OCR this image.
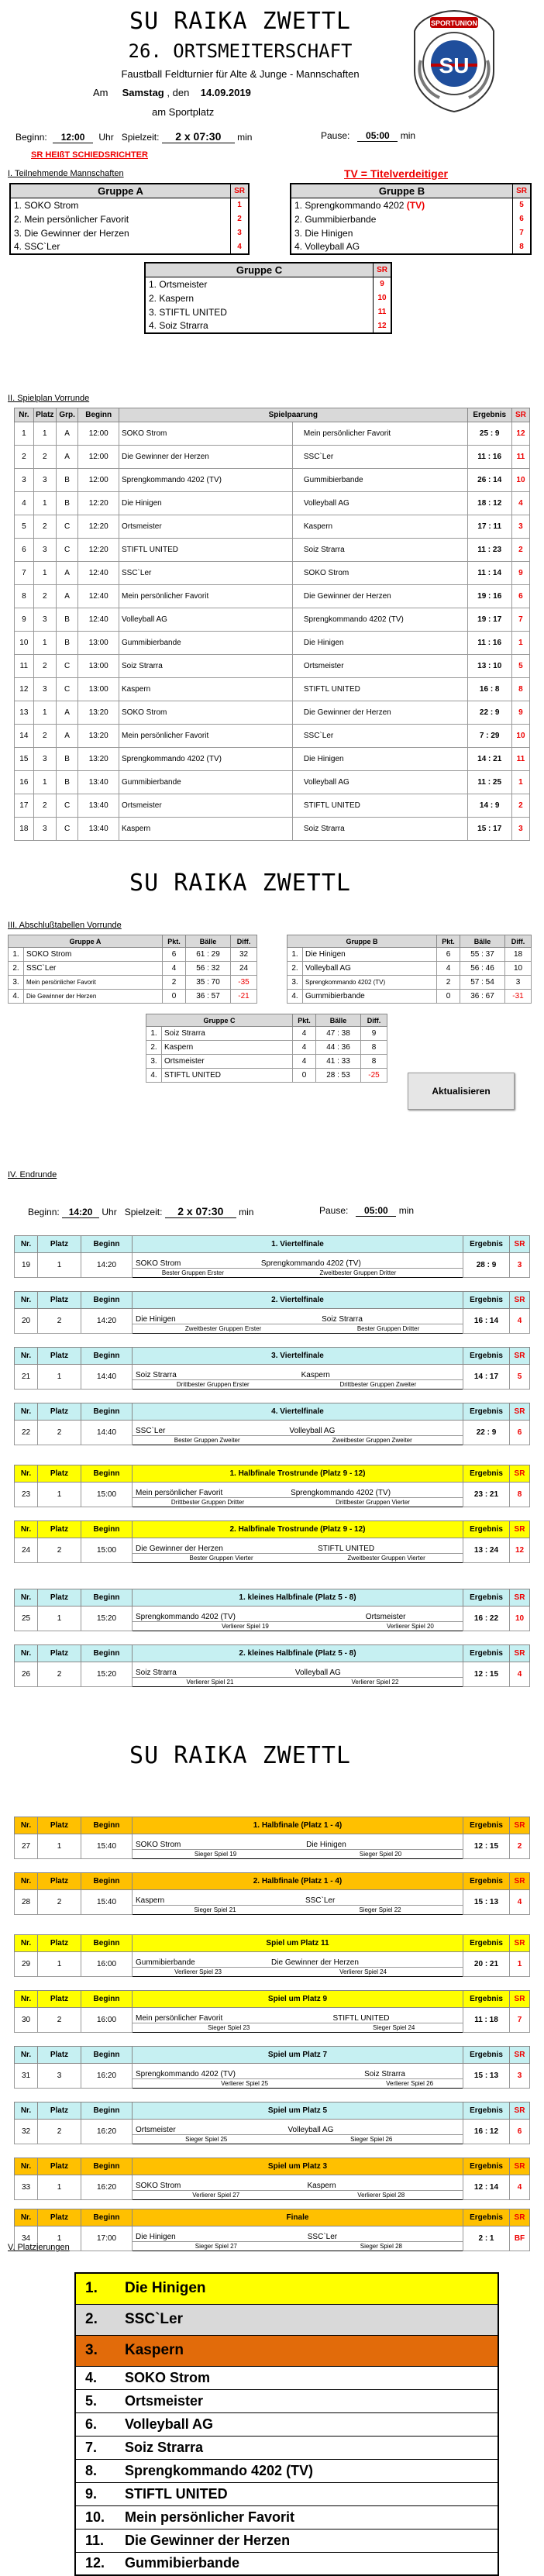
SU RAIKA ZWETTL
26. ORTSMEITERSCHAFT
Faustball Feldturnier für Alte & Junge - Mannschaften
Am Samstag , den 14.09.2019
am Sportplatz
SPORTUNION
SU
Beginn: 12:00 Uhr Spielzeit: 2 x 07:30 min	Pause: 05:00 min
SR HEIßT SCHIEDSRICHTER
I. Teilnehmende Mannschaften	TV = Titelverdeitiger
Gruppe A	SR
1. SOKO Strom	1
2. Mein persönlicher Favorit	2
3. Die Gewinner der Herzen	3
4. SSC`Ler	4
Gruppe B	SR
1. Sprengkommando 4202 (TV)	5
2. Gummibierbande	6
3. Die Hinigen	7
4. Volleyball AG	8
Gruppe C	SR
1. Ortsmeister	9
2. Kaspern	10
3. STIFTL UNITED	11
4. Soiz Strarra	12
II. Spielplan Vorrunde
Nr.	Platz	Grp.	Beginn	Spielpaarung		Ergebnis	SR
1	1	A	12:00	SOKO Strom	Mein persönlicher Favorit	25 : 9	12
2	2	A	12:00	Die Gewinner der Herzen	SSC`Ler	11 : 16	11
3	3	B	12:00	Sprengkommando 4202 (TV)	Gummibierbande	26 : 14	10
4	1	B	12:20	Die Hinigen	Volleyball AG	18 : 12	4
5	2	C	12:20	Ortsmeister	Kaspern	17 : 11	3
6	3	C	12:20	STIFTL UNITED	Soiz Strarra	11 : 23	2
7	1	A	12:40	SSC`Ler	SOKO Strom	11 : 14	9
8	2	A	12:40	Mein persönlicher Favorit	Die Gewinner der Herzen	19 : 16	6
9	3	B	12:40	Volleyball AG	Sprengkommando 4202 (TV)	19 : 17	7
10	1	B	13:00	Gummibierbande	Die Hinigen	11 : 16	1
11	2	C	13:00	Soiz Strarra	Ortsmeister	13 : 10	5
12	3	C	13:00	Kaspern	STIFTL UNITED	16 : 8	8
13	1	A	13:20	SOKO Strom	Die Gewinner der Herzen	22 : 9	9
14	2	A	13:20	Mein persönlicher Favorit	SSC`Ler	7 : 29	10
15	3	B	13:20	Sprengkommando 4202 (TV)	Die Hinigen	14 : 21	11
16	1	B	13:40	Gummibierbande	Volleyball AG	11 : 25	1
17	2	C	13:40	Ortsmeister	STIFTL UNITED	14 : 9	2
18	3	C	13:40	Kaspern	Soiz Strarra	15 : 17	3
SU RAIKA ZWETTL
III. Abschlußtabellen Vorrunde
Gruppe A		Pkt.	Bälle	Diff.
1.	SOKO Strom	6	61 : 29	32
2.	SSC`Ler	4	56 : 32	24
3.	Mein persönlicher Favorit	2	35 : 70	-35
4.	Die Gewinner der Herzen	0	36 : 57	-21
Gruppe B		Pkt.	Bälle	Diff.
1.	Die Hinigen	6	55 : 37	18
2.	Volleyball AG	4	56 : 46	10
3.	Sprengkommando 4202 (TV)	2	57 : 54	3
4.	Gummibierbande	0	36 : 67	-31
Gruppe C		Pkt.	Bälle	Diff.
1.	Soiz Strarra	4	47 : 38	9
2.	Kaspern	4	44 : 36	8
3.	Ortsmeister	4	41 : 33	8
4.	STIFTL UNITED	0	28 : 53	-25
Aktualisieren
IV. Endrunde
Beginn: 14:20 Uhr Spielzeit: 2 x 07:30 min	Pause: 05:00 min
Nr.	Platz	Beginn	1. Viertelfinale		Ergebnis	SR
19	1	14:20	SOKO Strom	Sprengkommando 4202 (TV)	28 : 9	3
			Bester Gruppen Erster	Zweitbester Gruppen Dritter		
Nr.	Platz	Beginn	2. Viertelfinale		Ergebnis	SR
20	2	14:20	Die Hinigen	Soiz Strarra	16 : 14	4
			Zweitbester Gruppen Erster	Bester Gruppen Dritter		
Nr.	Platz	Beginn	3. Viertelfinale		Ergebnis	SR
21	1	14:40	Soiz Strarra	Kaspern	14 : 17	5
			Drittbester Gruppen Erster	Drittbester Gruppen Zweiter		
Nr.	Platz	Beginn	4. Viertelfinale		Ergebnis	SR
22	2	14:40	SSC`Ler	Volleyball AG	22 : 9	6
			Bester Gruppen Zweiter	Zweitbester Gruppen Zweiter		
Nr.	Platz	Beginn	1. Halbfinale Trostrunde (Platz 9 - 12)		Ergebnis	SR
23	1	15:00	Mein persönlicher Favorit	Sprengkommando 4202 (TV)	23 : 21	8
			Drittbester Gruppen Dritter	Drittbester Gruppen Vierter		
Nr.	Platz	Beginn	2. Halbfinale Trostrunde (Platz 9 - 12)		Ergebnis	SR
24	2	15:00	Die Gewinner der Herzen	STIFTL UNITED	13 : 24	12
			Bester Gruppen Vierter	Zweitbester Gruppen Vierter		
Nr.	Platz	Beginn	1. kleines Halbfinale (Platz 5 - 8)		Ergebnis	SR
25	1	15:20	Sprengkommando 4202 (TV)	Ortsmeister	16 : 22	10
			Verlierer Spiel 19	Verlierer Spiel 20		
Nr.	Platz	Beginn	2. kleines Halbfinale (Platz 5 - 8)		Ergebnis	SR
26	2	15:20	Soiz Strarra	Volleyball AG	12 : 15	4
			Verlierer Spiel 21	Verlierer Spiel 22		
Nr.	Platz	Beginn	1. Halbfinale (Platz 1 - 4)		Ergebnis	SR
27	1	15:40	SOKO Strom	Die Hinigen	12 : 15	2
			Sieger Spiel 19	Sieger Spiel 20		
Nr.	Platz	Beginn	2. Halbfinale (Platz 1 - 4)		Ergebnis	SR
28	2	15:40	Kaspern	SSC`Ler	15 : 13	4
			Sieger Spiel 21	Sieger Spiel 22		
Nr.	Platz	Beginn	Spiel um Platz 11		Ergebnis	SR
29	1	16:00	Gummibierbande	Die Gewinner der Herzen	20 : 21	1
			Verlierer Spiel 23	Verlierer Spiel 24		
Nr.	Platz	Beginn	Spiel um Platz 9		Ergebnis	SR
30	2	16:00	Mein persönlicher Favorit	STIFTL UNITED	11 : 18	7
			Sieger Spiel 23	Sieger Spiel 24		
Nr.	Platz	Beginn	Spiel um Platz 7		Ergebnis	SR
31	3	16:20	Sprengkommando 4202 (TV)	Soiz Strarra	15 : 13	3
			Verlierer Spiel 25	Verlierer Spiel 26		
Nr.	Platz	Beginn	Spiel um Platz 5		Ergebnis	SR
32	2	16:20	Ortsmeister	Volleyball AG	16 : 12	6
			Sieger Spiel 25	Sieger Spiel 26		
Nr.	Platz	Beginn	Spiel um Platz 3		Ergebnis	SR
33	1	16:20	SOKO Strom	Kaspern	12 : 14	4
			Verlierer Spiel 27	Verlierer Spiel 28		
Nr.	Platz	Beginn	Finale		Ergebnis	SR
34	1	17:00	Die Hinigen	SSC`Ler	2 : 1	BF
			Sieger Spiel 27	Sieger Spiel 28		
SU RAIKA ZWETTL
V. Platzierungen
1.	Die Hinigen
2.	SSC`Ler
3.	Kaspern
4.	SOKO Strom
5.	Ortsmeister
6.	Volleyball AG
7.	Soiz Strarra
8.	Sprengkommando 4202 (TV)
9.	STIFTL UNITED
10.	Mein persönlicher Favorit
11.	Die Gewinner der Herzen
12.	Gummibierbande
